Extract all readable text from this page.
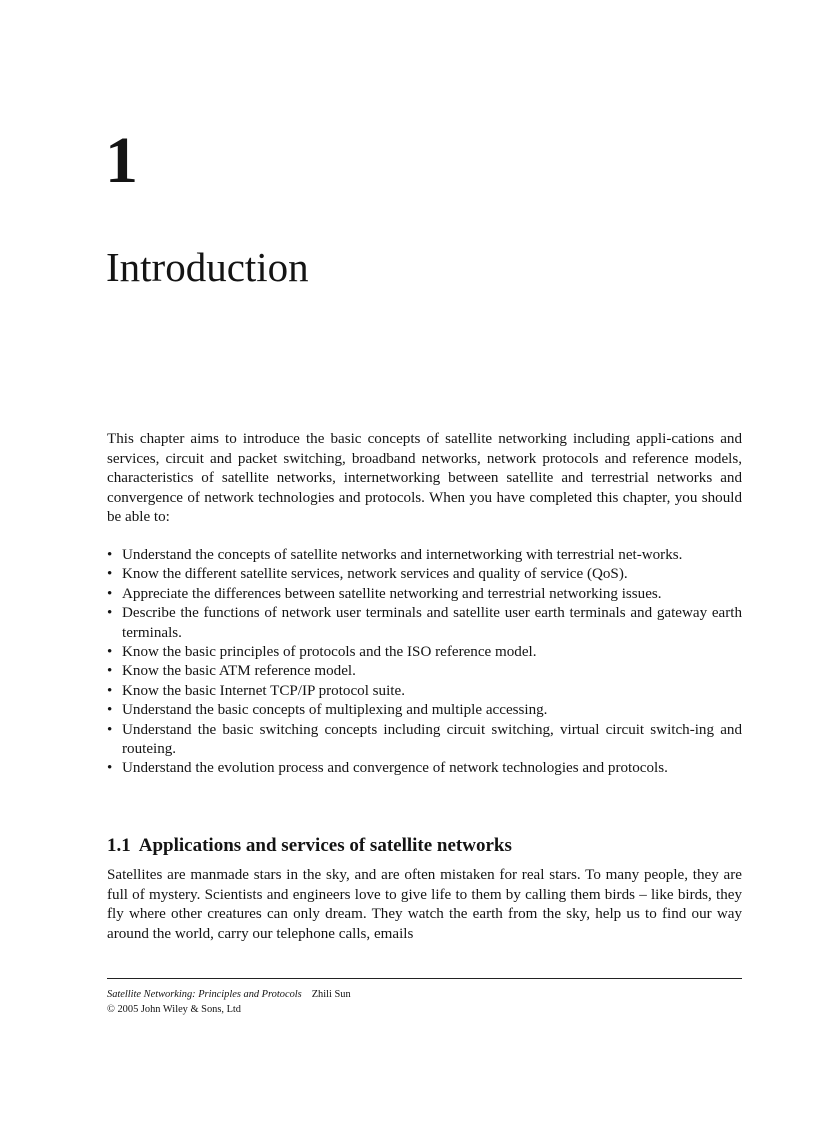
1
Introduction

This chapter aims to introduce the basic concepts of satellite networking including appli-cations and services, circuit and packet switching, broadband networks, network protocols and reference models, characteristics of satellite networks, internetworking between satellite and terrestrial networks and convergence of network technologies and protocols. When you have completed this chapter, you should be able to:

• Understand the concepts of satellite networks and internetworking with terrestrial net-works.
• Know the different satellite services, network services and quality of service (QoS).
• Appreciate the differences between satellite networking and terrestrial networking issues.
• Describe the functions of network user terminals and satellite user earth terminals and gateway earth terminals.
• Know the basic principles of protocols and the ISO reference model.
• Know the basic ATM reference model.
• Know the basic Internet TCP/IP protocol suite.
• Understand the basic concepts of multiplexing and multiple accessing.
• Understand the basic switching concepts including circuit switching, virtual circuit switch-ing and routeing.
• Understand the evolution process and convergence of network technologies and protocols.
1.1 Applications and services of satellite networks

Satellites are manmade stars in the sky, and are often mistaken for real stars. To many people, they are full of mystery. Scientists and engineers love to give life to them by calling them birds – like birds, they fly where other creatures can only dream. They watch the earth from the sky, help us to find our way around the world, carry our telephone calls, emails

Satellite Networking: Principles and Protocols Zhili Sun
© 2005 John Wiley & Sons, Ltd
